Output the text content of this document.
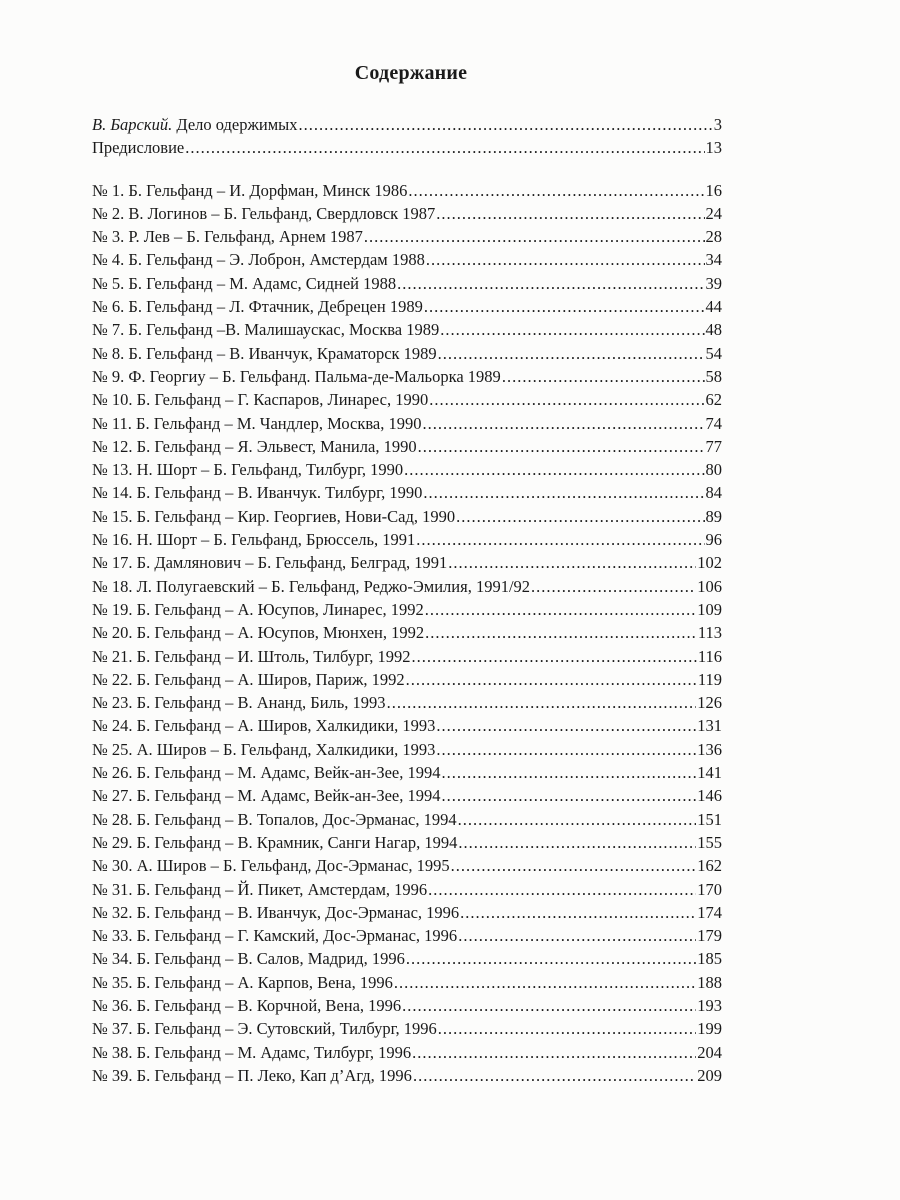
Содержание
В. Барский. Дело одержимых .....	3
Предисловие .....	13
№ 1. Б. Гельфанд – И. Дорфман, Минск 1986 .....	16
№ 2. В. Логинов – Б. Гельфанд, Свердловск 1987 .....	24
№ 3. Р. Лев – Б. Гельфанд, Арнем 1987 .....	28
№ 4. Б. Гельфанд – Э. Лоброн, Амстердам 1988 .....	34
№ 5. Б. Гельфанд – М. Адамс, Сидней 1988 .....	39
№ 6. Б. Гельфанд – Л. Фтачник, Дебрецен 1989 .....	44
№ 7. Б. Гельфанд –В. Малишаускас, Москва 1989 .....	48
№ 8. Б. Гельфанд – В. Иванчук, Краматорск 1989 .....	54
№ 9. Ф. Георгиу – Б. Гельфанд. Пальма-де-Мальорка 1989 .....	58
№ 10. Б. Гельфанд – Г. Каспаров, Линарес, 1990 .....	62
№ 11. Б. Гельфанд – М. Чандлер, Москва, 1990 .....	74
№ 12. Б. Гельфанд – Я. Эльвест, Манила, 1990 .....	77
№ 13. Н. Шорт – Б. Гельфанд, Тилбург, 1990 .....	80
№ 14. Б. Гельфанд – В. Иванчук. Тилбург, 1990 .....	84
№ 15. Б. Гельфанд – Кир. Георгиев, Нови-Сад, 1990 .....	89
№ 16. Н. Шорт – Б. Гельфанд, Брюссель, 1991 .....	96
№ 17. Б. Дамлянович – Б. Гельфанд, Белград, 1991 .....	102
№ 18. Л. Полугаевский – Б. Гельфанд, Реджо-Эмилия, 1991/92 .....	106
№ 19. Б. Гельфанд – А. Юсупов, Линарес, 1992 .....	109
№ 20. Б. Гельфанд – А. Юсупов, Мюнхен, 1992 .....	113
№ 21. Б. Гельфанд – И. Штоль, Тилбург, 1992 .....	116
№ 22. Б. Гельфанд – А. Широв, Париж, 1992 .....	119
№ 23. Б. Гельфанд – В. Ананд, Биль, 1993 .....	126
№ 24. Б. Гельфанд – А. Широв, Халкидики, 1993 .....	131
№ 25. А. Широв – Б. Гельфанд, Халкидики, 1993 .....	136
№ 26. Б. Гельфанд – М. Адамс, Вейк-ан-Зее, 1994 .....	141
№ 27. Б. Гельфанд – М. Адамс, Вейк-ан-Зее, 1994 .....	146
№ 28. Б. Гельфанд – В. Топалов, Дос-Эрманас, 1994 .....	151
№ 29. Б. Гельфанд – В. Крамник, Санги Нагар, 1994 .....	155
№ 30. А. Широв – Б. Гельфанд, Дос-Эрманас, 1995 .....	162
№ 31. Б. Гельфанд – Й. Пикет, Амстердам, 1996 .....	170
№ 32. Б. Гельфанд – В. Иванчук, Дос-Эрманас, 1996 .....	174
№ 33. Б. Гельфанд – Г. Камский, Дос-Эрманас, 1996 .....	179
№ 34. Б. Гельфанд – В. Салов, Мадрид, 1996 .....	185
№ 35. Б. Гельфанд – А. Карпов, Вена, 1996 .....	188
№ 36. Б. Гельфанд – В. Корчной, Вена, 1996 .....	193
№ 37. Б. Гельфанд – Э. Сутовский, Тилбург, 1996 .....	199
№ 38. Б. Гельфанд – М. Адамс, Тилбург, 1996 .....	204
№ 39. Б. Гельфанд – П. Леко, Кап д’Агд, 1996 .....	209
